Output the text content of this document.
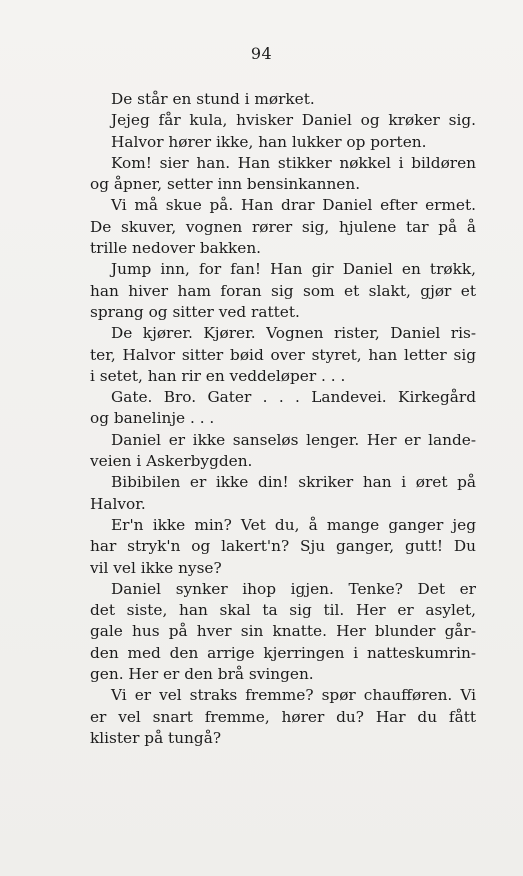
94
De står en stund i mørket.
Jejeg får kula, hvisker Daniel og krøker sig.
Halvor hører ikke, han lukker op porten.
Kom! sier han. Han stikker nøkkel i bildøren
og åpner, setter inn bensinkannen.
Vi må skue på. Han drar Daniel efter ermet.
De skuver, vognen rører sig, hjulene tar på å
trille nedover bakken.
Jump inn, for fan! Han gir Daniel en trøkk,
han hiver ham foran sig som et slakt, gjør et
sprang og sitter ved rattet.
De kjører. Kjører. Vognen rister, Daniel ris-
ter, Halvor sitter bøid over styret, han letter sig
i setet, han rir en veddeløper . . .
Gate. Bro. Gater . . . Landevei. Kirkegård
og banelinje . . .
Daniel er ikke sanseløs lenger. Her er lande-
veien i Askerbygden.
Bibibilen er ikke din! skriker han i øret på
Halvor.
Er'n ikke min? Vet du, å mange ganger jeg
har stryk'n og lakert'n? Sju ganger, gutt! Du
vil vel ikke nyse?
Daniel synker ihop igjen. Tenke? Det er
det siste, han skal ta sig til. Her er asylet,
gale hus på hver sin knatte. Her blunder går-
den med den arrige kjerringen i natteskumrin-
gen. Her er den brå svingen.
Vi er vel straks fremme? spør chaufføren. Vi
er vel snart fremme, hører du? Har du fått
klister på tungå?
